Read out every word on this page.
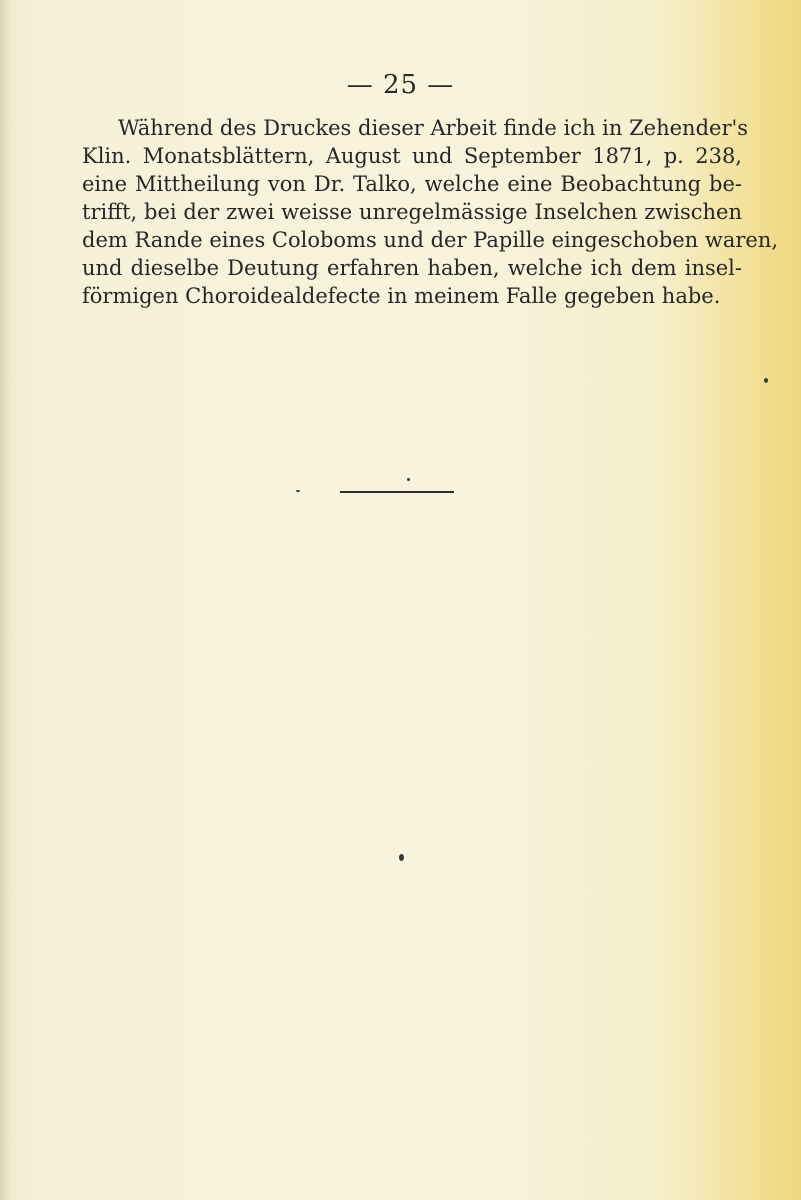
— 25 —
Während des Druckes dieser Arbeit finde ich in Zehender's
Klin. Monatsblättern, August und September 1871, p. 238,
eine Mittheilung von Dr. Talko, welche eine Beobachtung be-
trifft, bei der zwei weisse unregelmässige Inselchen zwischen
dem Rande eines Coloboms und der Papille eingeschoben waren,
und dieselbe Deutung erfahren haben, welche ich dem insel-
förmigen Choroidealdefecte in meinem Falle gegeben habe.
